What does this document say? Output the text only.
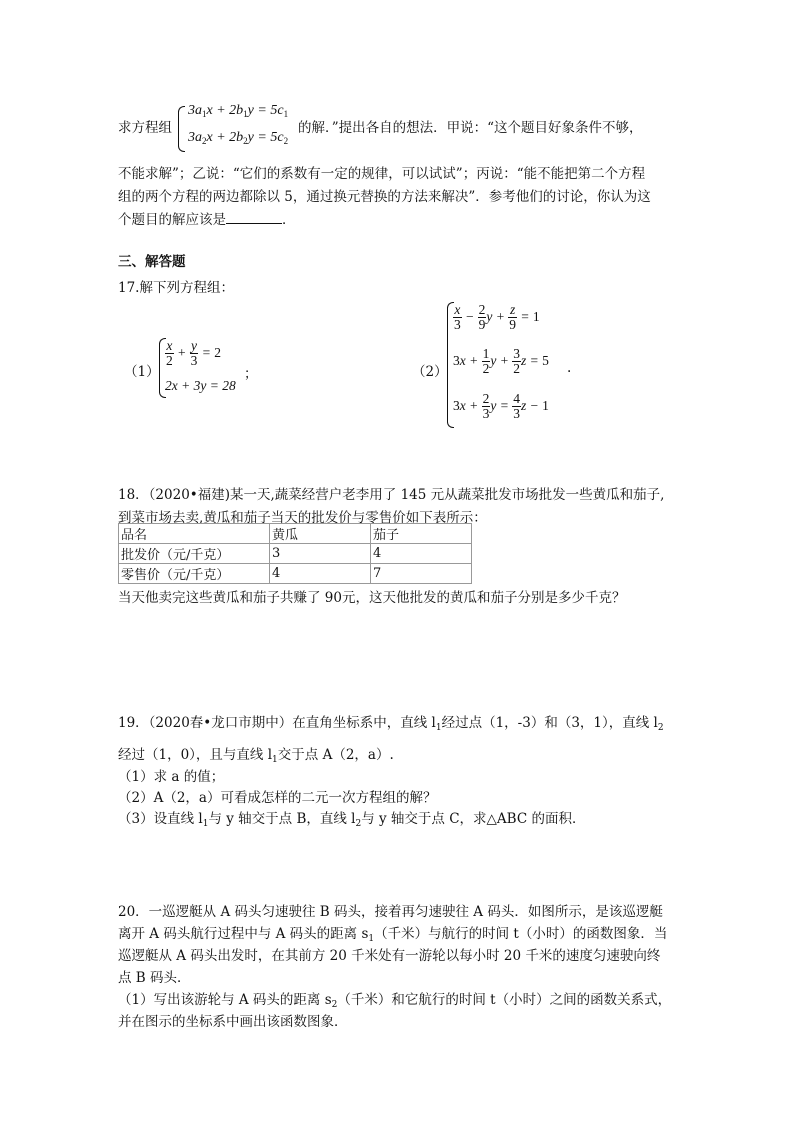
求方程组
$3a_1x + 2b_1y = 5c_1$
$3a_2x + 2b_2y = 5c_2$
的解．”提出各自的想法．甲说：“这个题目好象条件不够，
不能求解”；乙说：“它们的系数有一定的规律，可以试试”；丙说：“能不能把第二个方程
组的两个方程的两边都除以 5，通过换元替换的方法来解决”．参考他们的讨论，你认为这
个题目的解应该是	．
三、解答题
17.解下列方程组：
（1）
$\frac{x}{2} + \frac{y}{3} = 2$
2x + 3y = 28
；	（2）
$\frac{x}{3} - \frac{2}{9}$ $y + \frac{z}{9} = 1$
$3x + \frac{1}{2}$ $y + \frac{3}{2}$ z = 5 .
$3x + \frac{2}{3}$ $y = \frac{4}{3}$ z − 1
18．（2020•福建)某一天,蔬菜经营户老李用了 145 元从蔬菜批发市场批发一些黄瓜和茄子,
到菜市场去卖,黄瓜和茄子当天的批发价与零售价如下表所示：
品名	黄瓜	茄子
批发价（元/千克）	3	4
零售价（元/千克）	4	7
当天他卖完这些黄瓜和茄子共赚了 90元，这天他批发的黄瓜和茄子分别是多少千克？
19．（2020春•龙口市期中）在直角坐标系中，直线 $l_1$经过点（1，-3）和（3，1），直线 $l_2$
经过（1，0），且与直线 $l_1$交于点 A（2，a）.
（1）求 a 的值；
（2）A（2，a）可看成怎样的二元一次方程组的解？
（3）设直线 $l_1$与 y 轴交于点 B，直线 $l_2$与 y 轴交于点 C，求△ABC 的面积．
20．一巡逻艇从 A 码头匀速驶往 B 码头，接着再匀速驶往 A 码头．如图所示，是该巡逻艇
离开 A 码头航行过程中与 A 码头的距离 $s_1$（千米）与航行的时间 t（小时）的函数图象．当
巡逻艇从 A 码头出发时，在其前方 20 千米处有一游轮以每小时 20 千米的速度匀速驶向终
点 B 码头．
（1）写出该游轮与 A 码头的距离 $s_2$（千米）和它航行的时间 t（小时）之间的函数关系式，
并在图示的坐标系中画出该函数图象．
